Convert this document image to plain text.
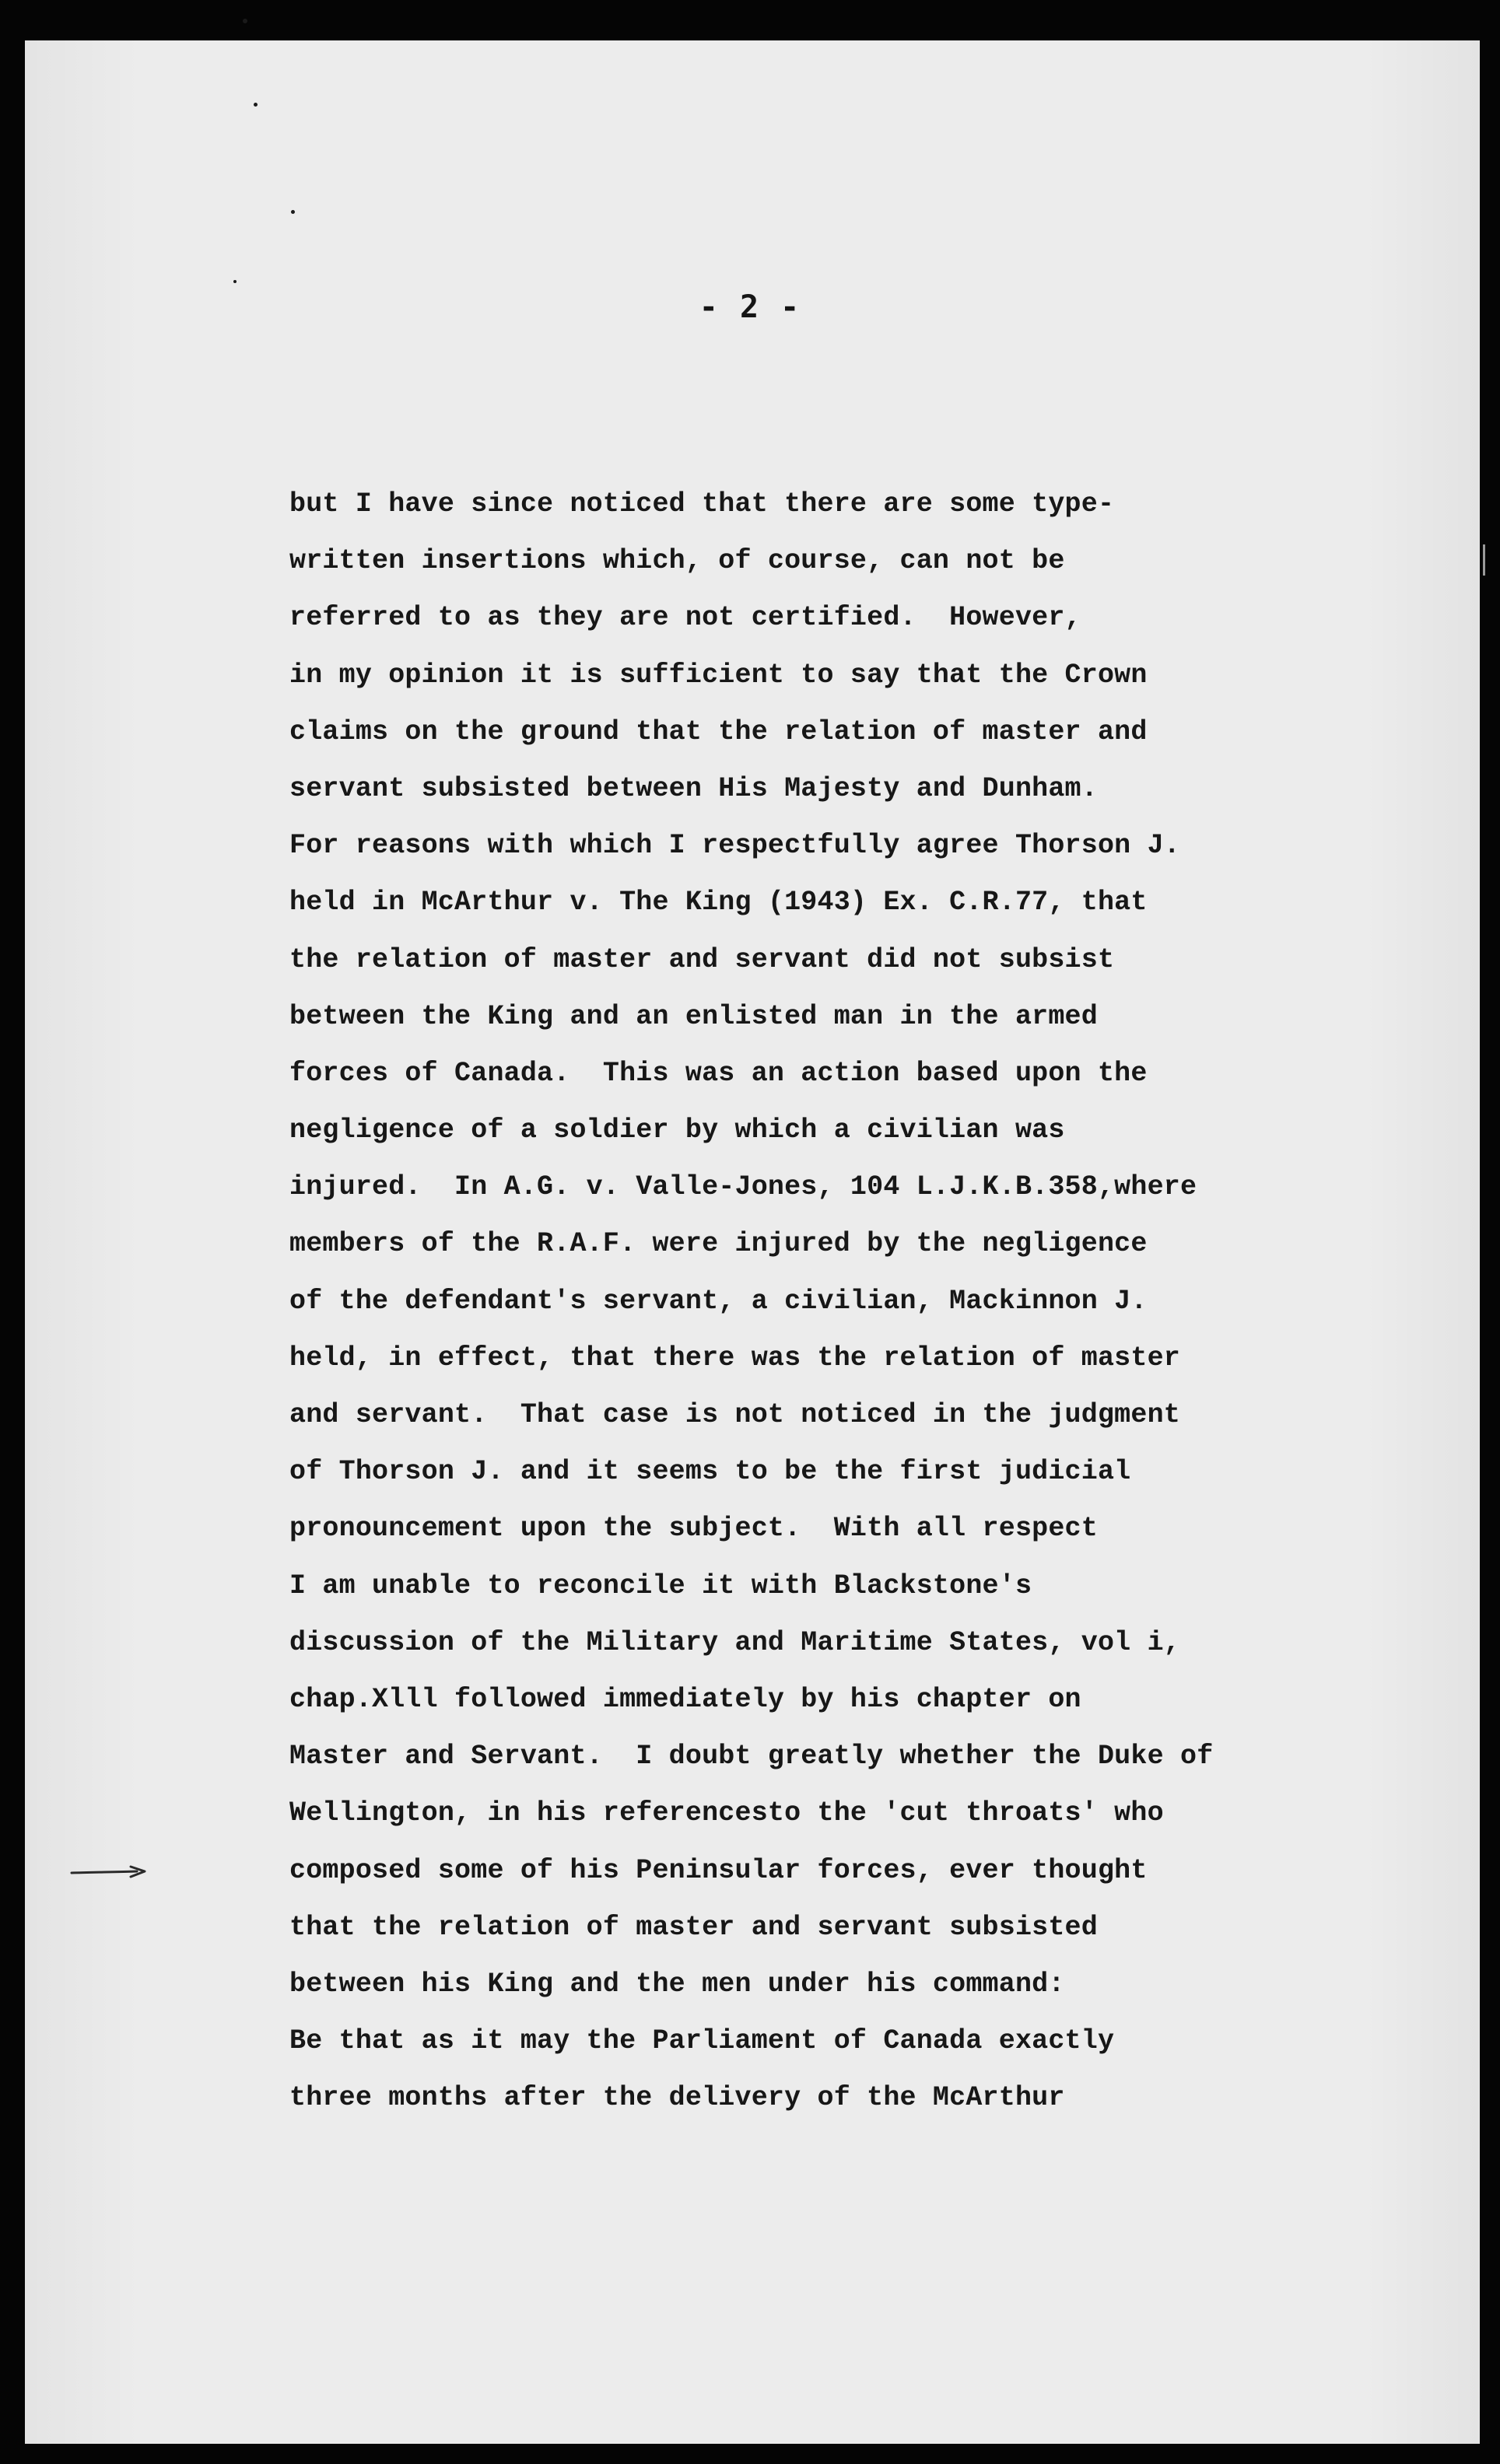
- 2 -
but I have since noticed that there are some type-
written insertions which, of course, can not be
referred to as they are not certified.  However,
in my opinion it is sufficient to say that the Crown
claims on the ground that the relation of master and
servant subsisted between His Majesty and Dunham.
For reasons with which I respectfully agree Thorson J.
held in McArthur v. The King (1943) Ex. C.R.77, that
the relation of master and servant did not subsist
between the King and an enlisted man in the armed
forces of Canada.  This was an action based upon the
negligence of a soldier by which a civilian was
injured.  In A.G. v. Valle-Jones, 104 L.J.K.B.358,where
members of the R.A.F. were injured by the negligence
of the defendant's servant, a civilian, Mackinnon J.
held, in effect, that there was the relation of master
and servant.  That case is not noticed in the judgment
of Thorson J. and it seems to be the first judicial
pronouncement upon the subject.  With all respect
I am unable to reconcile it with Blackstone's
discussion of the Military and Maritime States, vol i,
chap.Xlll followed immediately by his chapter on
Master and Servant.  I doubt greatly whether the Duke of
Wellington, in his referencesto the 'cut throats' who
composed some of his Peninsular forces, ever thought
that the relation of master and servant subsisted
between his King and the men under his command:
Be that as it may the Parliament of Canada exactly
three months after the delivery of the McArthur
